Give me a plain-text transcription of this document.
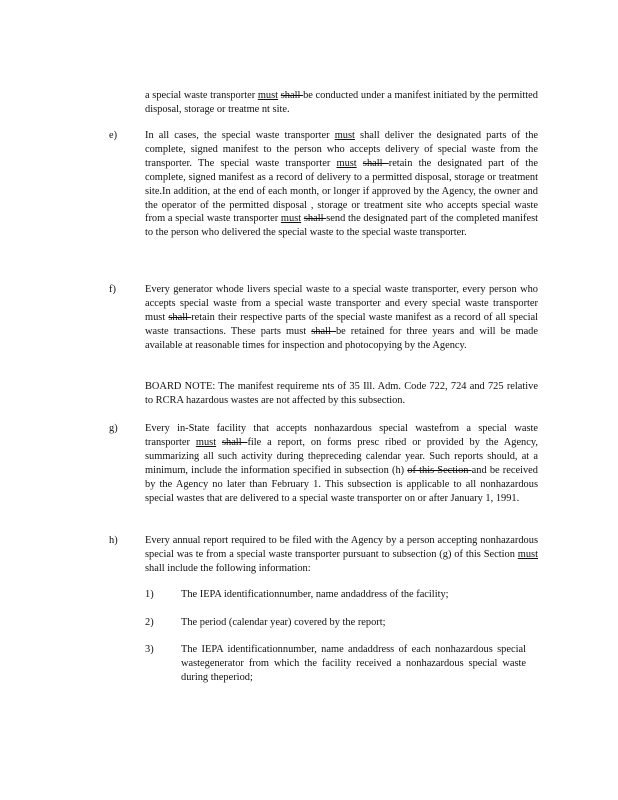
a special waste transporter must shall be conducted under a manifest initiated by the permitted disposal, storage or treatme nt site.
e)	In all cases, the special waste transporter must shall deliver the designated parts of the complete, signed manifest to the person who accepts delivery of special waste from the transporter. The special waste transporter must shall retain the designated part of the complete, signed manifest as a record of delivery to a permitted disposal, storage or treatment site.In addition, at the end of each month, or longer if approved by the Agency, the owner and the operator of the permitted disposal , storage or treatment site who accepts special waste from a special waste transporter must shall send the designated part of the completed manifest to the person who delivered the special waste to the special waste transporter.
f)	Every generator whode livers special waste to a special waste transporter, every person who accepts special waste from a special waste transporter and every special waste transporter must shall retain their respective parts of the special waste manifest as a record of all special waste transactions. These parts must shall be retained for three years and will be made available at reasonable times for inspection and photocopying by the Agency.
BOARD NOTE: The manifest requireme nts of 35 Ill. Adm. Code 722, 724 and 725 relative to RCRA hazardous wastes are not affected by this subsection.
g)	Every in-State facility that accepts nonhazardous special wastefrom a special waste transporter must shall file a report, on forms presc ribed or provided by the Agency, summarizing all such activity during thepreceding calendar year. Such reports should, at a minimum, include the information specified in subsection (h) of this Section and be received by the Agency no later than February 1. This subsection is applicable to all nonhazardous special wastes that are delivered to a special waste transporter on or after January 1, 1991.
h)	Every annual report required to be filed with the Agency by a person accepting nonhazardous special was te from a special waste transporter pursuant to subsection (g) of this Section must shall include the following information:
1)	The IEPA identificationnumber, name andaddress of the facility;
2)	The period (calendar year) covered by the report;
3)	The IEPA identificationnumber, name andaddress of each nonhazardous special wastegenerator from which the facility received a nonhazardous special waste during theperiod;
